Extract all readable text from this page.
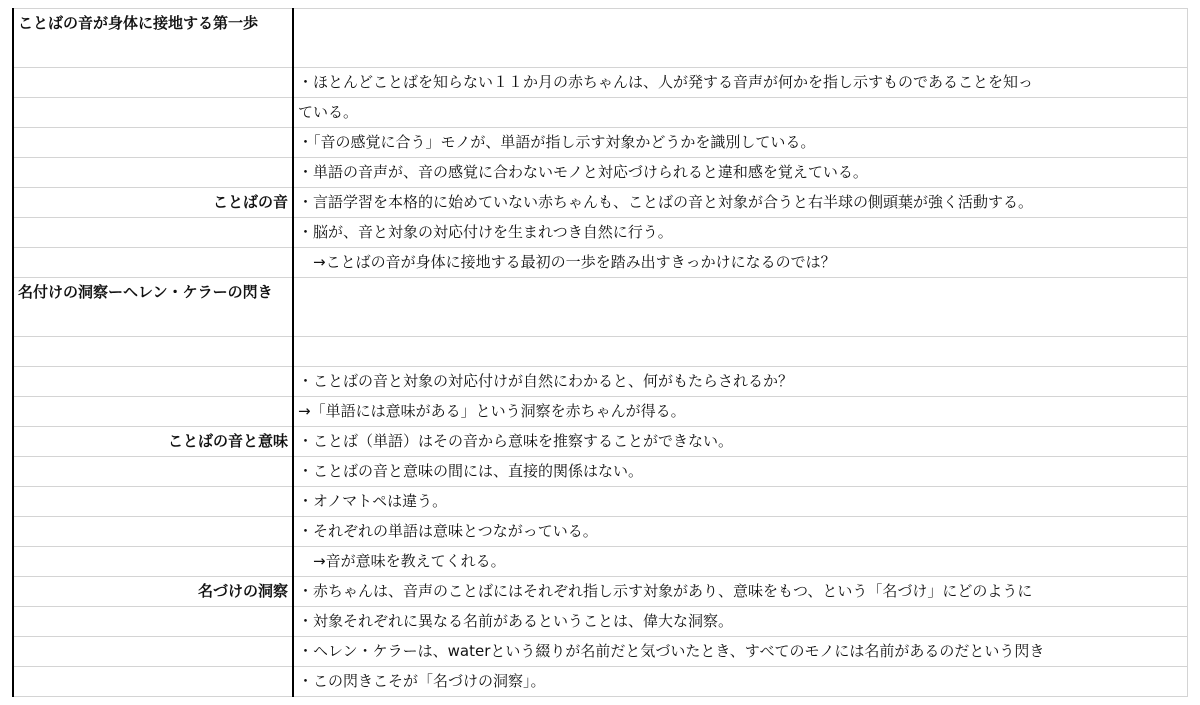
ことばの音が身体に接地する第一歩	
	・ほとんどことばを知らない１１か月の赤ちゃんは、人が発する音声が何かを指し示すものであることを知っ
	ている。
	・「音の感覚に合う」モノが、単語が指し示す対象かどうかを識別している。
	・単語の音声が、音の感覚に合わないモノと対応づけられると違和感を覚えている。
ことばの音	・言語学習を本格的に始めていない赤ちゃんも、ことばの音と対象が合うと右半球の側頭葉が強く活動する。
	・脳が、音と対象の対応付けを生まれつき自然に行う。
	　→ことばの音が身体に接地する最初の一歩を踏み出すきっかけになるのでは？
名付けの洞察ーヘレン・ケラーの閃き	

	・ことばの音と対象の対応付けが自然にわかると、何がもたらされるか？
	→「単語には意味がある」という洞察を赤ちゃんが得る。
ことばの音と意味	・ことば（単語）はその音から意味を推察することができない。
	・ことばの音と意味の間には、直接的関係はない。
	・オノマトペは違う。
	・それぞれの単語は意味とつながっている。
	　→音が意味を教えてくれる。
名づけの洞察	・赤ちゃんは、音声のことばにはそれぞれ指し示す対象があり、意味をもつ、という「名づけ」にどのように
	・対象それぞれに異なる名前があるということは、偉大な洞察。
	・ヘレン・ケラーは、waterという綴りが名前だと気づいたとき、すべてのモノには名前があるのだという閃き
	・この閃きこそが「名づけの洞察」。
